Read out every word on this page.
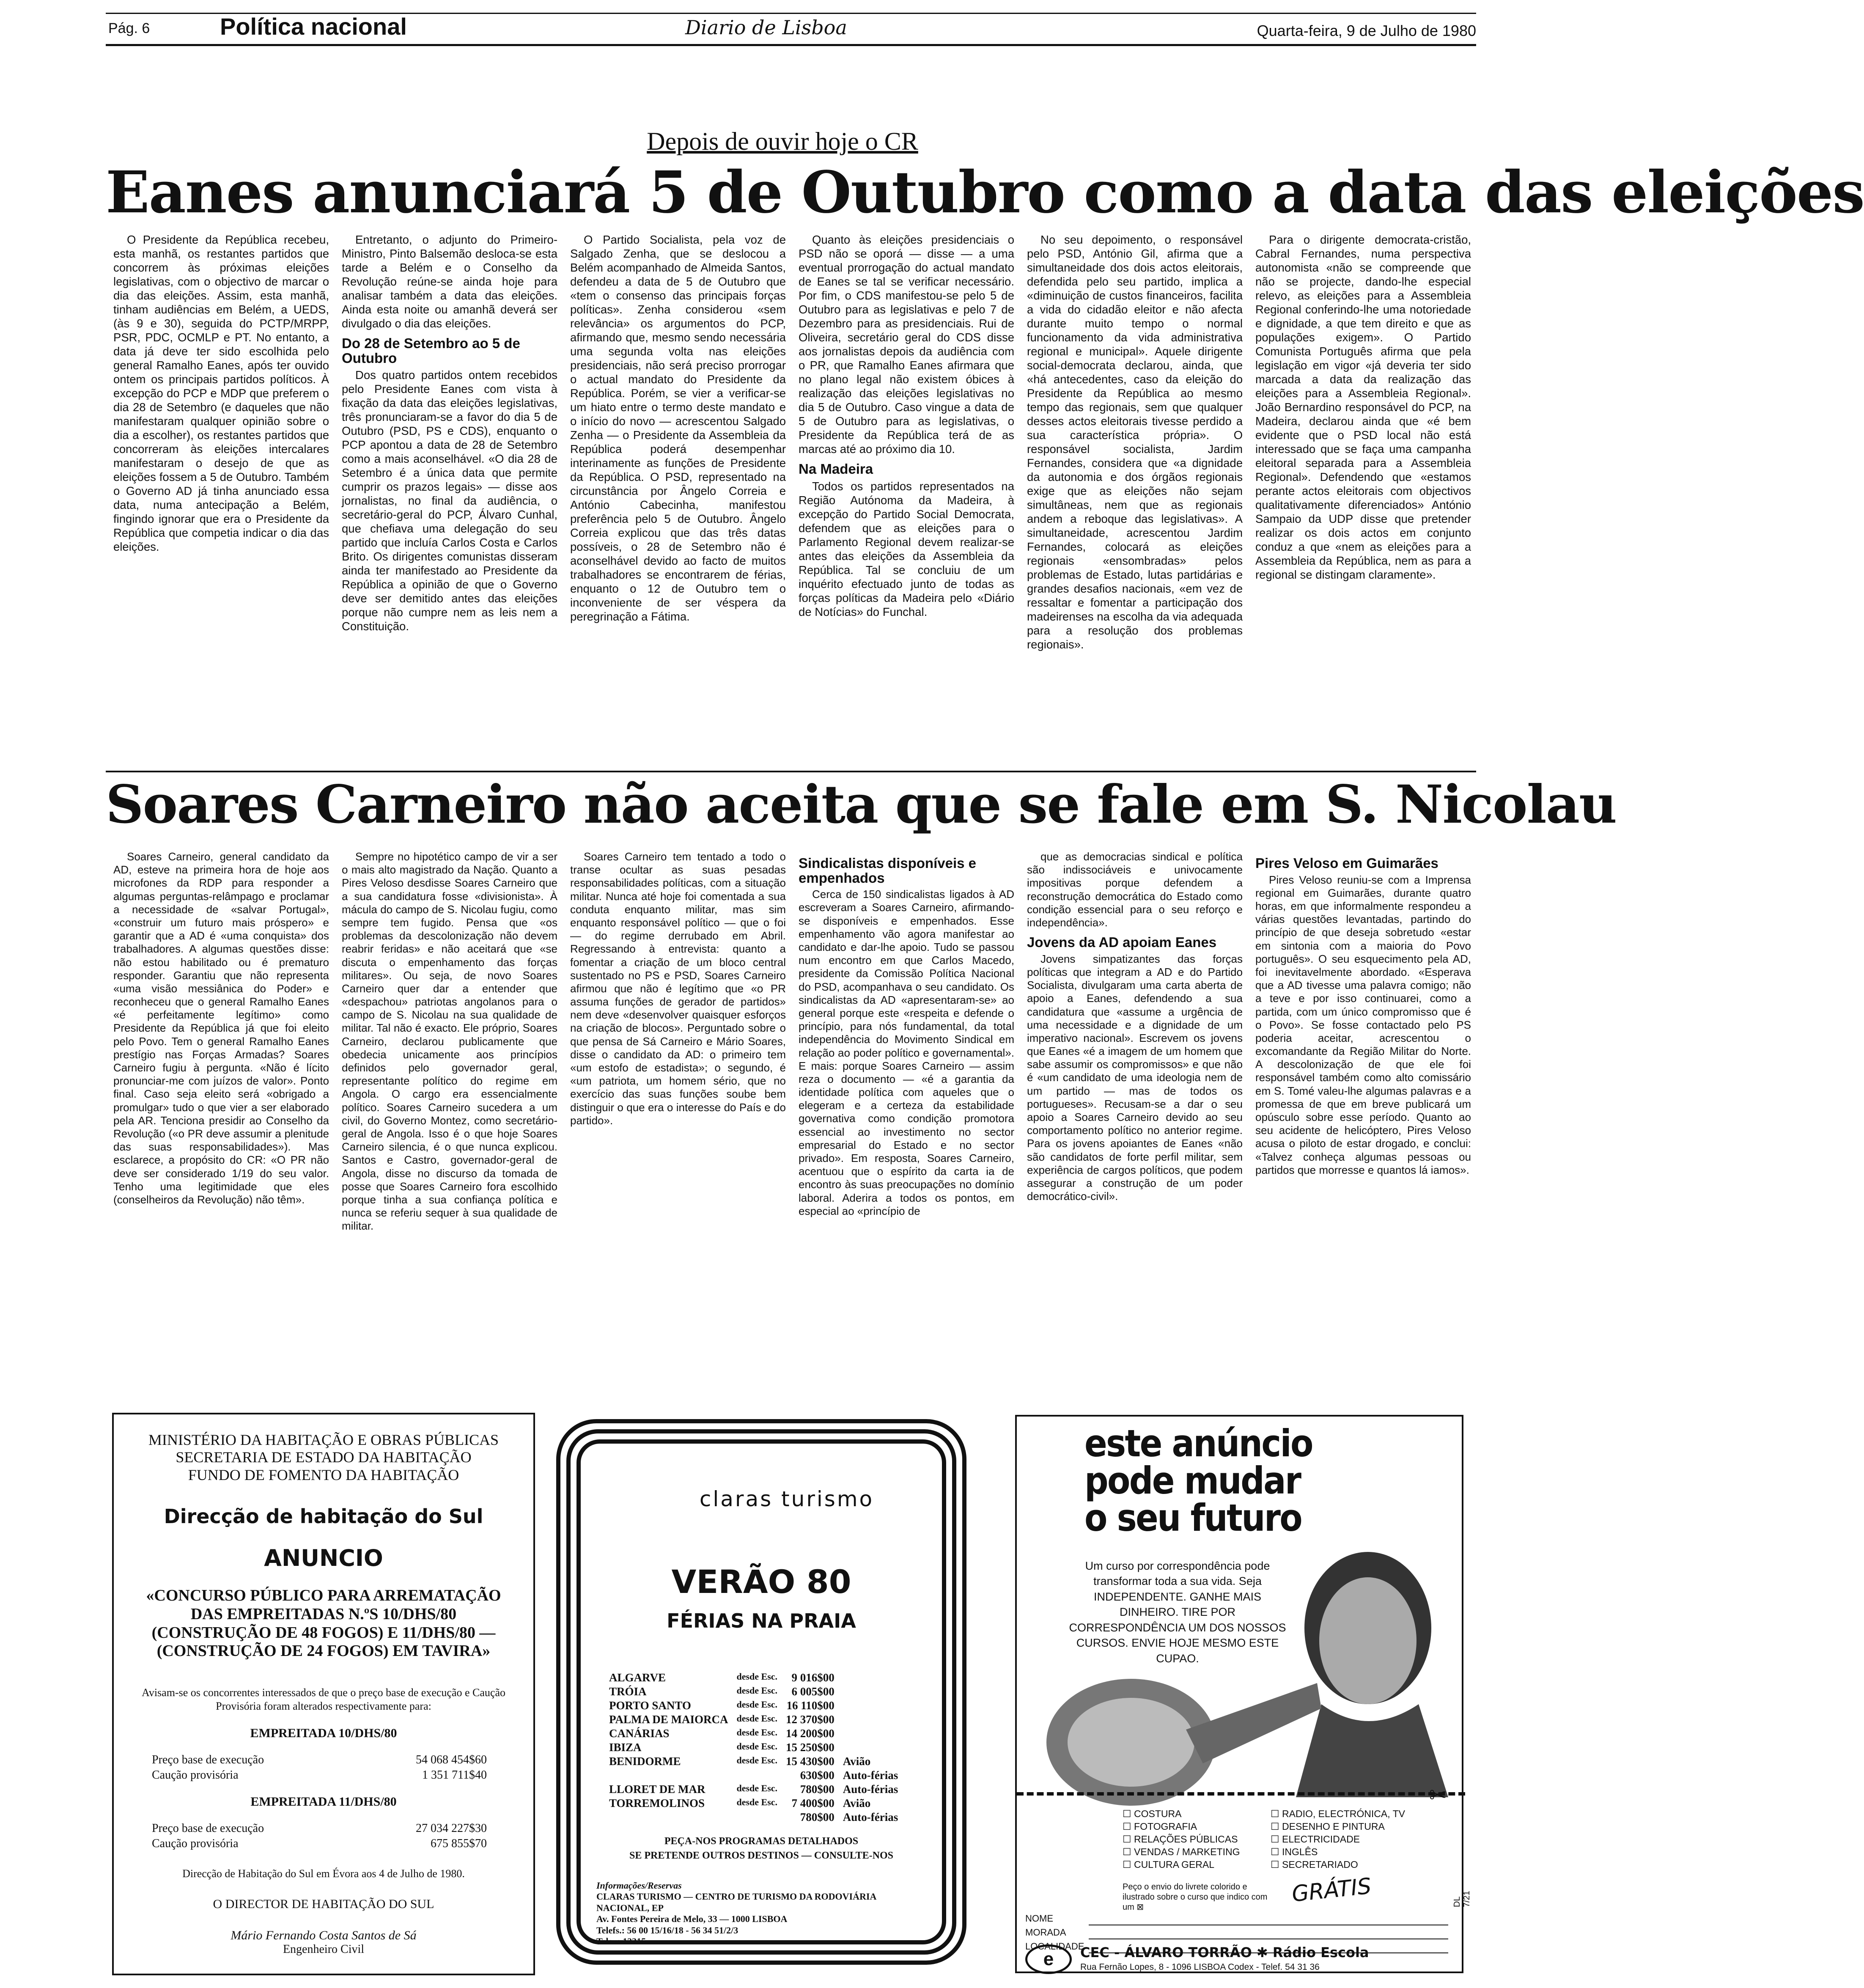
Pág. 6	Política nacional	Diario de Lisboa	Quarta-feira, 9 de Julho de 1980
Depois de ouvir hoje o CR
Eanes anunciará 5 de Outubro como a data das eleições

O Presidente da República recebeu, esta manhã, os restantes partidos que concorrem às próximas eleições legislativas, com o objectivo de marcar o dia das eleições. Assim, esta manhã, tinham audiências em Belém, a UEDS, (às 9 e 30), seguida do PCTP/MRPP, PSR, PDC, OCMLP e PT. No entanto, a data já deve ter sido escolhida pelo general Ramalho Eanes, após ter ouvido ontem os principais partidos políticos. À excepção do PCP e MDP que preferem o dia 28 de Setembro (e daqueles que não manifestaram qualquer opinião sobre o dia a escolher), os restantes partidos que concorreram às eleições intercalares manifestaram o desejo de que as eleições fossem a 5 de Outubro. Também o Governo AD já tinha anunciado essa data, numa antecipação a Belém, fingindo ignorar que era o Presidente da República que competia indicar o dia das eleições.

Entretanto, o adjunto do Primeiro-Ministro, Pinto Balsemão desloca-se esta tarde a Belém e o Conselho da Revolução reúne-se ainda hoje para analisar também a data das eleições. Ainda esta noite ou amanhã deverá ser divulgado o dia das eleições.

Do 28 de Setembro ao 5 de Outubro

Dos quatro partidos ontem recebidos pelo Presidente Eanes com vista à fixação da data das eleições legislativas, três pronunciaram-se a favor do dia 5 de Outubro (PSD, PS e CDS), enquanto o PCP apontou a data de 28 de Setembro como a mais aconselhável. «O dia 28 de Setembro é a única data que permite cumprir os prazos legais» — disse aos jornalistas, no final da audiência, o secretário-geral do PCP, Álvaro Cunhal, que chefiava uma delegação do seu partido que incluía Carlos Costa e Carlos Brito. Os dirigentes comunistas disseram ainda ter manifestado ao Presidente da República a opinião de que o Governo deve ser demitido antes das eleições porque não cumpre nem as leis nem a Constituição.

O Partido Socialista, pela voz de Salgado Zenha, que se deslocou a Belém acompanhado de Almeida Santos, defendeu a data de 5 de Outubro que «tem o consenso das principais forças políticas». Zenha considerou «sem relevância» os argumentos do PCP, afirmando que, mesmo sendo necessária uma segunda volta nas eleições presidenciais, não será preciso prorrogar o actual mandato do Presidente da República. Porém, se vier a verificar-se um hiato entre o termo deste mandato e o início do novo — acrescentou Salgado Zenha — o Presidente da Assembleia da República poderá desempenhar interinamente as funções de Presidente da República. O PSD, representado na circunstância por Ângelo Correia e António Cabecinha, manifestou preferência pelo 5 de Outubro. Ângelo Correia explicou que das três datas possíveis, o 28 de Setembro não é aconselhável devido ao facto de muitos trabalhadores se encontrarem de férias, enquanto o 12 de Outubro tem o inconveniente de ser véspera da peregrinação a Fátima.

Quanto às eleições presidenciais o PSD não se oporá — disse — a uma eventual prorrogação do actual mandato de Eanes se tal se verificar necessário. Por fim, o CDS manifestou-se pelo 5 de Outubro para as legislativas e pelo 7 de Dezembro para as presidenciais. Rui de Oliveira, secretário geral do CDS disse aos jornalistas depois da audiência com o PR, que Ramalho Eanes afirmara que no plano legal não existem óbices à realização das eleições legislativas no dia 5 de Outubro. Caso vingue a data de 5 de Outubro para as legislativas, o Presidente da República terá de as marcas até ao próximo dia 10.

Na Madeira

Todos os partidos representados na Região Autónoma da Madeira, à excepção do Partido Social Democrata, defendem que as eleições para o Parlamento Regional devem realizar-se antes das eleições da Assembleia da República. Tal se concluiu de um inquérito efectuado junto de todas as forças políticas da Madeira pelo «Diário de Notícias» do Funchal.

No seu depoimento, o responsável pelo PSD, António Gil, afirma que a simultaneidade dos dois actos eleitorais, defendida pelo seu partido, implica a «diminuição de custos financeiros, facilita a vida do cidadão eleitor e não afecta durante muito tempo o normal funcionamento da vida administrativa regional e municipal». Aquele dirigente social-democrata declarou, ainda, que «há antecedentes, caso da eleição do Presidente da República ao mesmo tempo das regionais, sem que qualquer desses actos eleitorais tivesse perdido a sua característica própria». O responsável socialista, Jardim Fernandes, considera que «a dignidade da autonomia e dos órgãos regionais exige que as eleições não sejam simultâneas, nem que as regionais andem a reboque das legislativas». A simultaneidade, acrescentou Jardim Fernandes, colocará as eleições regionais «ensombradas» pelos problemas de Estado, lutas partidárias e grandes desafios nacionais, «em vez de ressaltar e fomentar a participação dos madeirenses na escolha da via adequada para a resolução dos problemas regionais».

Para o dirigente democrata-cristão, Cabral Fernandes, numa perspectiva autonomista «não se compreende que não se projecte, dando-lhe especial relevo, as eleições para a Assembleia Regional conferindo-lhe uma notoriedade e dignidade, a que tem direito e que as populações exigem». O Partido Comunista Português afirma que pela legislação em vigor «já deveria ter sido marcada a data da realização das eleições para a Assembleia Regional». João Bernardino responsável do PCP, na Madeira, declarou ainda que «é bem evidente que o PSD local não está interessado que se faça uma campanha eleitoral separada para a Assembleia Regional». Defendendo que «estamos perante actos eleitorais com objectivos qualitativamente diferenciados» António Sampaio da UDP disse que pretender realizar os dois actos em conjunto conduz a que «nem as eleições para a Assembleia da República, nem as para a regional se distingam claramente».

Soares Carneiro não aceita que se fale em S. Nicolau

Soares Carneiro, general candidato da AD, esteve na primeira hora de hoje aos microfones da RDP para responder a algumas perguntas-relâmpago e proclamar a necessidade de «salvar Portugal», «construir um futuro mais próspero» e garantir que a AD é «uma conquista» dos trabalhadores. A algumas questões disse: não estou habilitado ou é prematuro responder. Garantiu que não representa «uma visão messiânica do Poder» e reconheceu que o general Ramalho Eanes «é perfeitamente legítimo» como Presidente da República já que foi eleito pelo Povo. Tem o general Ramalho Eanes prestígio nas Forças Armadas? Soares Carneiro fugiu à pergunta. «Não é lícito pronunciar-me com juízos de valor». Ponto final. Caso seja eleito será «obrigado a promulgar» tudo o que vier a ser elaborado pela AR. Tenciona presidir ao Conselho da Revolução («o PR deve assumir a plenitude das suas responsabilidades»). Mas esclarece, a propósito do CR: «O PR não deve ser considerado 1/19 do seu valor. Tenho uma legitimidade que eles (conselheiros da Revolução) não têm».

Sempre no hipotético campo de vir a ser o mais alto magistrado da Nação. Quanto a Pires Veloso desdisse Soares Carneiro que a sua candidatura fosse «divisionista». À mácula do campo de S. Nicolau fugiu, como sempre tem fugido. Pensa que «os problemas da descolonização não devem reabrir feridas» e não aceitará que «se discuta o empenhamento das forças militares». Ou seja, de novo Soares Carneiro quer dar a entender que «despachou» patriotas angolanos para o campo de S. Nicolau na sua qualidade de militar. Tal não é exacto. Ele próprio, Soares Carneiro, declarou publicamente que obedecia unicamente aos princípios definidos pelo governador geral, representante político do regime em Angola. O cargo era essencialmente político. Soares Carneiro sucedera a um civil, do Governo Montez, como secretário-geral de Angola. Isso é o que hoje Soares Carneiro silencia, é o que nunca explicou. Santos e Castro, governador-geral de Angola, disse no discurso da tomada de posse que Soares Carneiro fora escolhido porque tinha a sua confiança política e nunca se referiu sequer à sua qualidade de militar.

Soares Carneiro tem tentado a todo o transe ocultar as suas pesadas responsabilidades políticas, com a situação militar. Nunca até hoje foi comentada a sua conduta enquanto militar, mas sim enquanto responsável político — que o foi — do regime derrubado em Abril. Regressando à entrevista: quanto a fomentar a criação de um bloco central sustentado no PS e PSD, Soares Carneiro afirmou que não é legítimo que «o PR assuma funções de gerador de partidos» nem deve «desenvolver quaisquer esforços na criação de blocos». Perguntado sobre o que pensa de Sá Carneiro e Mário Soares, disse o candidato da AD: o primeiro tem «um estofo de estadista»; o segundo, é «um patriota, um homem sério, que no exercício das suas funções soube bem distinguir o que era o interesse do País e do partido».

Sindicalistas disponíveis e empenhados

Cerca de 150 sindicalistas ligados à AD escreveram a Soares Carneiro, afirmando-se disponíveis e empenhados. Esse empenhamento vão agora manifestar ao candidato e dar-lhe apoio. Tudo se passou num encontro em que Carlos Macedo, presidente da Comissão Política Nacional do PSD, acompanhava o seu candidato. Os sindicalistas da AD «apresentaram-se» ao general porque este «respeita e defende o princípio, para nós fundamental, da total independência do Movimento Sindical em relação ao poder político e governamental». E mais: porque Soares Carneiro — assim reza o documento — «é a garantia da identidade política com aqueles que o elegeram e a certeza da estabilidade governativa como condição promotora essencial ao investimento no sector empresarial do Estado e no sector privado». Em resposta, Soares Carneiro, acentuou que o espírito da carta ia de encontro às suas preocupações no domínio laboral. Aderira a todos os pontos, em especial ao «princípio de

que as democracias sindical e política são indissociáveis e univocamente impositivas porque defendem a reconstrução democrática do Estado como condição essencial para o seu reforço e independência».

Jovens da AD apoiam Eanes

Jovens simpatizantes das forças políticas que integram a AD e do Partido Socialista, divulgaram uma carta aberta de apoio a Eanes, defendendo a sua candidatura que «assume a urgência de uma necessidade e a dignidade de um imperativo nacional». Escrevem os jovens que Eanes «é a imagem de um homem que sabe assumir os compromissos» e que não é «um candidato de uma ideologia nem de um partido — mas de todos os portugueses». Recusam-se a dar o seu apoio a Soares Carneiro devido ao seu comportamento político no anterior regime. Para os jovens apoiantes de Eanes «não são candidatos de forte perfil militar, sem experiência de cargos políticos, que podem assegurar a construção de um poder democrático-civil».

Pires Veloso em Guimarães

Pires Veloso reuniu-se com a Imprensa regional em Guimarães, durante quatro horas, em que informalmente respondeu a várias questões levantadas, partindo do princípio de que deseja sobretudo «estar em sintonia com a maioria do Povo português». O seu esquecimento pela AD, foi inevitavelmente abordado. «Esperava que a AD tivesse uma palavra comigo; não a teve e por isso continuarei, como a partida, com um único compromisso que é o Povo». Se fosse contactado pelo PS poderia aceitar, acrescentou o excomandante da Região Militar do Norte. A descolonização de que ele foi responsável também como alto comissário em S. Tomé valeu-lhe algumas palavras e a promessa de que em breve publicará um opúsculo sobre esse período. Quanto ao seu acidente de helicóptero, Pires Veloso acusa o piloto de estar drogado, e conclui: «Talvez conheça algumas pessoas ou partidos que morresse e quantos lá iamos».

MINISTÉRIO DA HABITAÇÃO E OBRAS PÚBLICAS
SECRETARIA DE ESTADO DA HABITAÇÃO
FUNDO DE FOMENTO DA HABITAÇÃO
Direcção de habitação do Sul
ANUNCIO
«CONCURSO PÚBLICO PARA ARREMATAÇÃO DAS EMPREITADAS N.ºS 10/DHS/80 (CONSTRUÇÃO DE 48 FOGOS) E 11/DHS/80 — (CONSTRUÇÃO DE 24 FOGOS) EM TAVIRA»
Avisam-se os concorrentes interessados de que o preço base de execução e Caução Provisória foram alterados respectivamente para:
EMPREITADA 10/DHS/80
Preço base de execução	54 068 454$60
Caução provisória	1 351 711$40
EMPREITADA 11/DHS/80
Preço base de execução	27 034 227$30
Caução provisória	675 855$70
Direcção de Habitação do Sul em Évora aos 4 de Julho de 1980.
O DIRECTOR DE HABITAÇÃO DO SUL
Mário Fernando Costa Santos de Sá
Engenheiro Civil
claras turismo
VERÃO 80
FÉRIAS NA PRAIA
ALGARVE	desde Esc.	9 016$00	
TRÓIA	desde Esc.	6 005$00	
PORTO SANTO	desde Esc.	16 110$00	
PALMA DE MAIORCA	desde Esc.	12 370$00	
CANÁRIAS	desde Esc.	14 200$00	
IBIZA	desde Esc.	15 250$00	
BENIDORME	desde Esc.	15 430$00	Avião
		630$00	Auto-férias
LLORET DE MAR	desde Esc.	780$00	Auto-férias
TORREMOLINOS	desde Esc.	7 400$00	Avião
		780$00	Auto-férias
PEÇA-NOS PROGRAMAS DETALHADOS
SE PRETENDE OUTROS DESTINOS — CONSULTE-NOS
Informações/Reservas
CLARAS TURISMO — CENTRO DE TURISMO DA RODOVIÁRIA NACIONAL, EP
Av. Fontes Pereira de Melo, 33 — 1000 LISBOA
Telefs.: 56 00 15/16/18 - 56 34 51/2/3
Telex: 12315
este anúncio
pode mudar
o seu futuro
Um curso por correspondência pode transformar toda a sua vida. Seja INDEPENDENTE. GANHE MAIS DINHEIRO. TIRE POR CORRESPONDÊNCIA UM DOS NOSSOS CURSOS. ENVIE HOJE MESMO ESTE CUPAO.
✂
☐ COSTURA
☐ FOTOGRAFIA
☐ RELAÇÕES PÚBLICAS
☐ VENDAS / MARKETING
☐ CULTURA GERAL
☐ RADIO, ELECTRÓNICA, TV
☐ DESENHO E PINTURA
☐ ELECTRICIDADE
☐ INGLÊS
☐ SECRETARIADO
Peço o envio do livrete colorido e ilustrado sobre o curso que indico com um ⊠
GRÁTIS
NOME
MORADA
LOCALIDADE
e	CEC - ÁLVARO TORRÃO ✱ Rádio Escola
Rua Fernão Lopes, 8 - 1096 LISBOA Codex - Telef. 54 31 36
DL 7/21
